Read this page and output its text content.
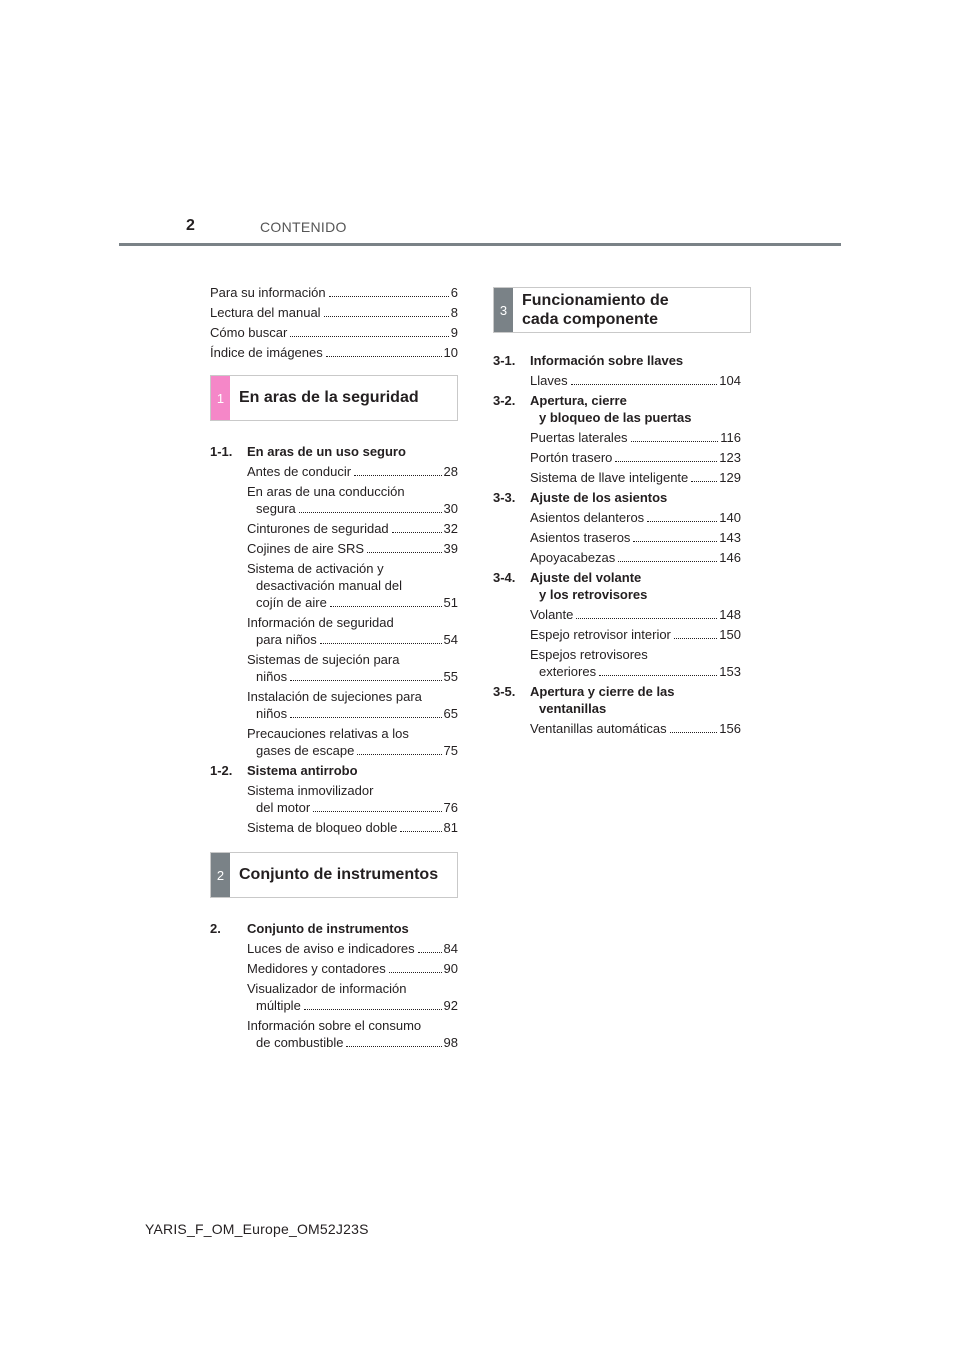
2	CONTENIDO
Para su información	6
Lectura del manual	8
Cómo buscar	9
Índice de imágenes	10
1 En aras de la seguridad
1-1.	En aras de un uso seguro
Antes de conducir	28
En aras de una conducción
segura	30
Cinturones de seguridad	32
Cojines de aire SRS	39
Sistema de activación y
desactivación manual del
cojín de aire	51
Información de seguridad
para niños	54
Sistemas de sujeción para
niños	55
Instalación de sujeciones para
niños	65
Precauciones relativas a los
gases de escape	75
1-2.	Sistema antirrobo
Sistema inmovilizador
del motor	76
Sistema de bloqueo doble	81
2 Conjunto de instrumentos
2.	Conjunto de instrumentos
Luces de aviso e indicadores 84
Medidores y contadores	90
Visualizador de información
múltiple	92
Información sobre el consumo
de combustible	98
3
Funcionamiento de
cada componente
3-1.	Información sobre llaves
Llaves	104
3-2.	Apertura, cierre
y bloqueo de las puertas
Puertas laterales	116
Portón trasero	123
Sistema de llave inteligente 129
3-3.	Ajuste de los asientos
Asientos delanteros	140
Asientos traseros	143
Apoyacabezas	146
3-4.	Ajuste del volante
y los retrovisores
Volante	148
Espejo retrovisor interior	150
Espejos retrovisores
exteriores	153
3-5.	Apertura y cierre de las
ventanillas
Ventanillas automáticas	156
YARIS_F_OM_Europe_OM52J23S
